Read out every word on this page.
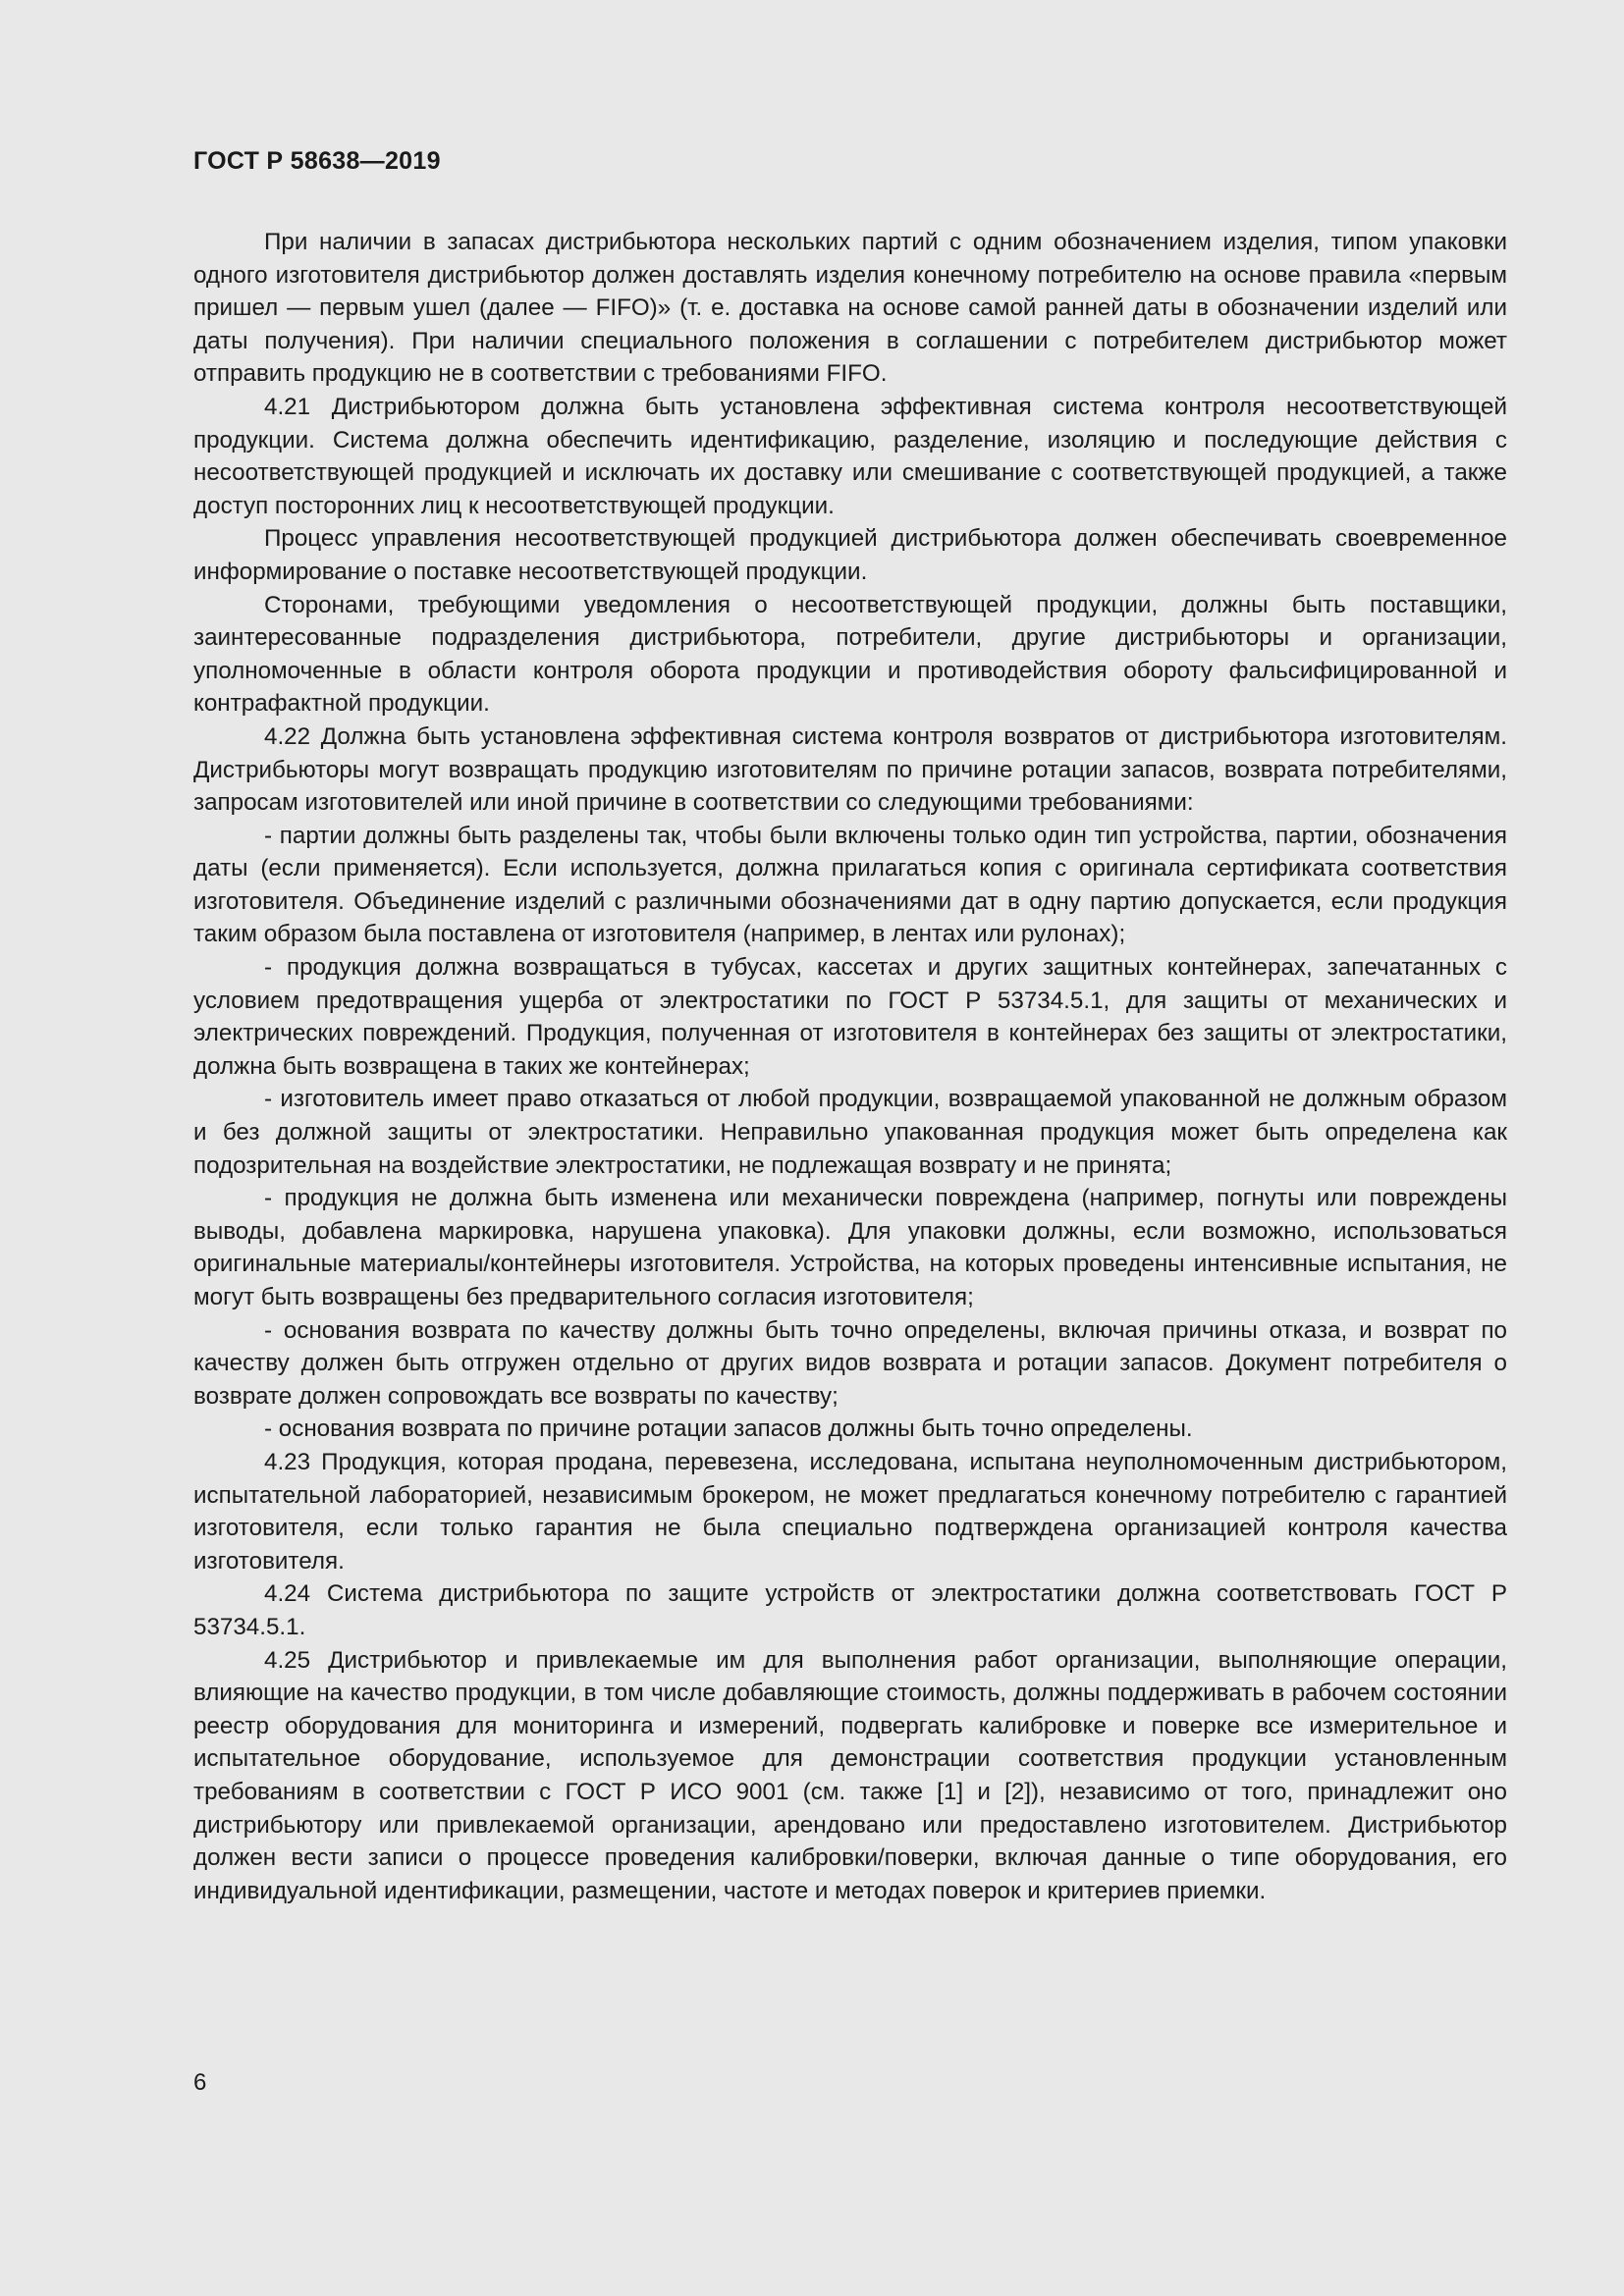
ГОСТ Р 58638—2019

При наличии в запасах дистрибьютора нескольких партий с одним обозначением изделия, типом упаковки одного изготовителя дистрибьютор должен доставлять изделия конечному потребителю на основе правила «первым пришел — первым ушел (далее — FIFO)» (т. е. доставка на основе самой ранней даты в обозначении изделий или даты получения). При наличии специального положения в соглашении с потребителем дистрибьютор может отправить продукцию не в соответствии с требованиями FIFO.

4.21 Дистрибьютором должна быть установлена эффективная система контроля несоответствующей продукции. Система должна обеспечить идентификацию, разделение, изоляцию и последующие действия с несоответствующей продукцией и исключать их доставку или смешивание с соответствующей продукцией, а также доступ посторонних лиц к несоответствующей продукции.

Процесс управления несоответствующей продукцией дистрибьютора должен обеспечивать своевременное информирование о поставке несоответствующей продукции.

Сторонами, требующими уведомления о несоответствующей продукции, должны быть поставщики, заинтересованные подразделения дистрибьютора, потребители, другие дистрибьюторы и организации, уполномоченные в области контроля оборота продукции и противодействия обороту фальсифицированной и контрафактной продукции.

4.22 Должна быть установлена эффективная система контроля возвратов от дистрибьютора изготовителям. Дистрибьюторы могут возвращать продукцию изготовителям по причине ротации запасов, возврата потребителями, запросам изготовителей или иной причине в соответствии со следующими требованиями:

- партии должны быть разделены так, чтобы были включены только один тип устройства, партии, обозначения даты (если применяется). Если используется, должна прилагаться копия с оригинала сертификата соответствия изготовителя. Объединение изделий с различными обозначениями дат в одну партию допускается, если продукция таким образом была поставлена от изготовителя (например, в лентах или рулонах);

- продукция должна возвращаться в тубусах, кассетах и других защитных контейнерах, запечатанных с условием предотвращения ущерба от электростатики по ГОСТ Р 53734.5.1, для защиты от механических и электрических повреждений. Продукция, полученная от изготовителя в контейнерах без защиты от электростатики, должна быть возвращена в таких же контейнерах;

- изготовитель имеет право отказаться от любой продукции, возвращаемой упакованной не должным образом и без должной защиты от электростатики. Неправильно упакованная продукция может быть определена как подозрительная на воздействие электростатики, не подлежащая возврату и не принята;

- продукция не должна быть изменена или механически повреждена (например, погнуты или повреждены выводы, добавлена маркировка, нарушена упаковка). Для упаковки должны, если возможно, использоваться оригинальные материалы/контейнеры изготовителя. Устройства, на которых проведены интенсивные испытания, не могут быть возвращены без предварительного согласия изготовителя;

- основания возврата по качеству должны быть точно определены, включая причины отказа, и возврат по качеству должен быть отгружен отдельно от других видов возврата и ротации запасов. Документ потребителя о возврате должен сопровождать все возвраты по качеству;

- основания возврата по причине ротации запасов должны быть точно определены.

4.23 Продукция, которая продана, перевезена, исследована, испытана неуполномоченным дистрибьютором, испытательной лабораторией, независимым брокером, не может предлагаться конечному потребителю с гарантией изготовителя, если только гарантия не была специально подтверждена организацией контроля качества изготовителя.

4.24 Система дистрибьютора по защите устройств от электростатики должна соответствовать ГОСТ Р 53734.5.1.

4.25 Дистрибьютор и привлекаемые им для выполнения работ организации, выполняющие операции, влияющие на качество продукции, в том числе добавляющие стоимость, должны поддерживать в рабочем состоянии реестр оборудования для мониторинга и измерений, подвергать калибровке и поверке все измерительное и испытательное оборудование, используемое для демонстрации соответствия продукции установленным требованиям в соответствии с ГОСТ Р ИСО 9001 (см. также [1] и [2]), независимо от того, принадлежит оно дистрибьютору или привлекаемой организации, арендовано или предоставлено изготовителем. Дистрибьютор должен вести записи о процессе проведения калибровки/поверки, включая данные о типе оборудования, его индивидуальной идентификации, размещении, частоте и методах поверок и критериев приемки.

6
